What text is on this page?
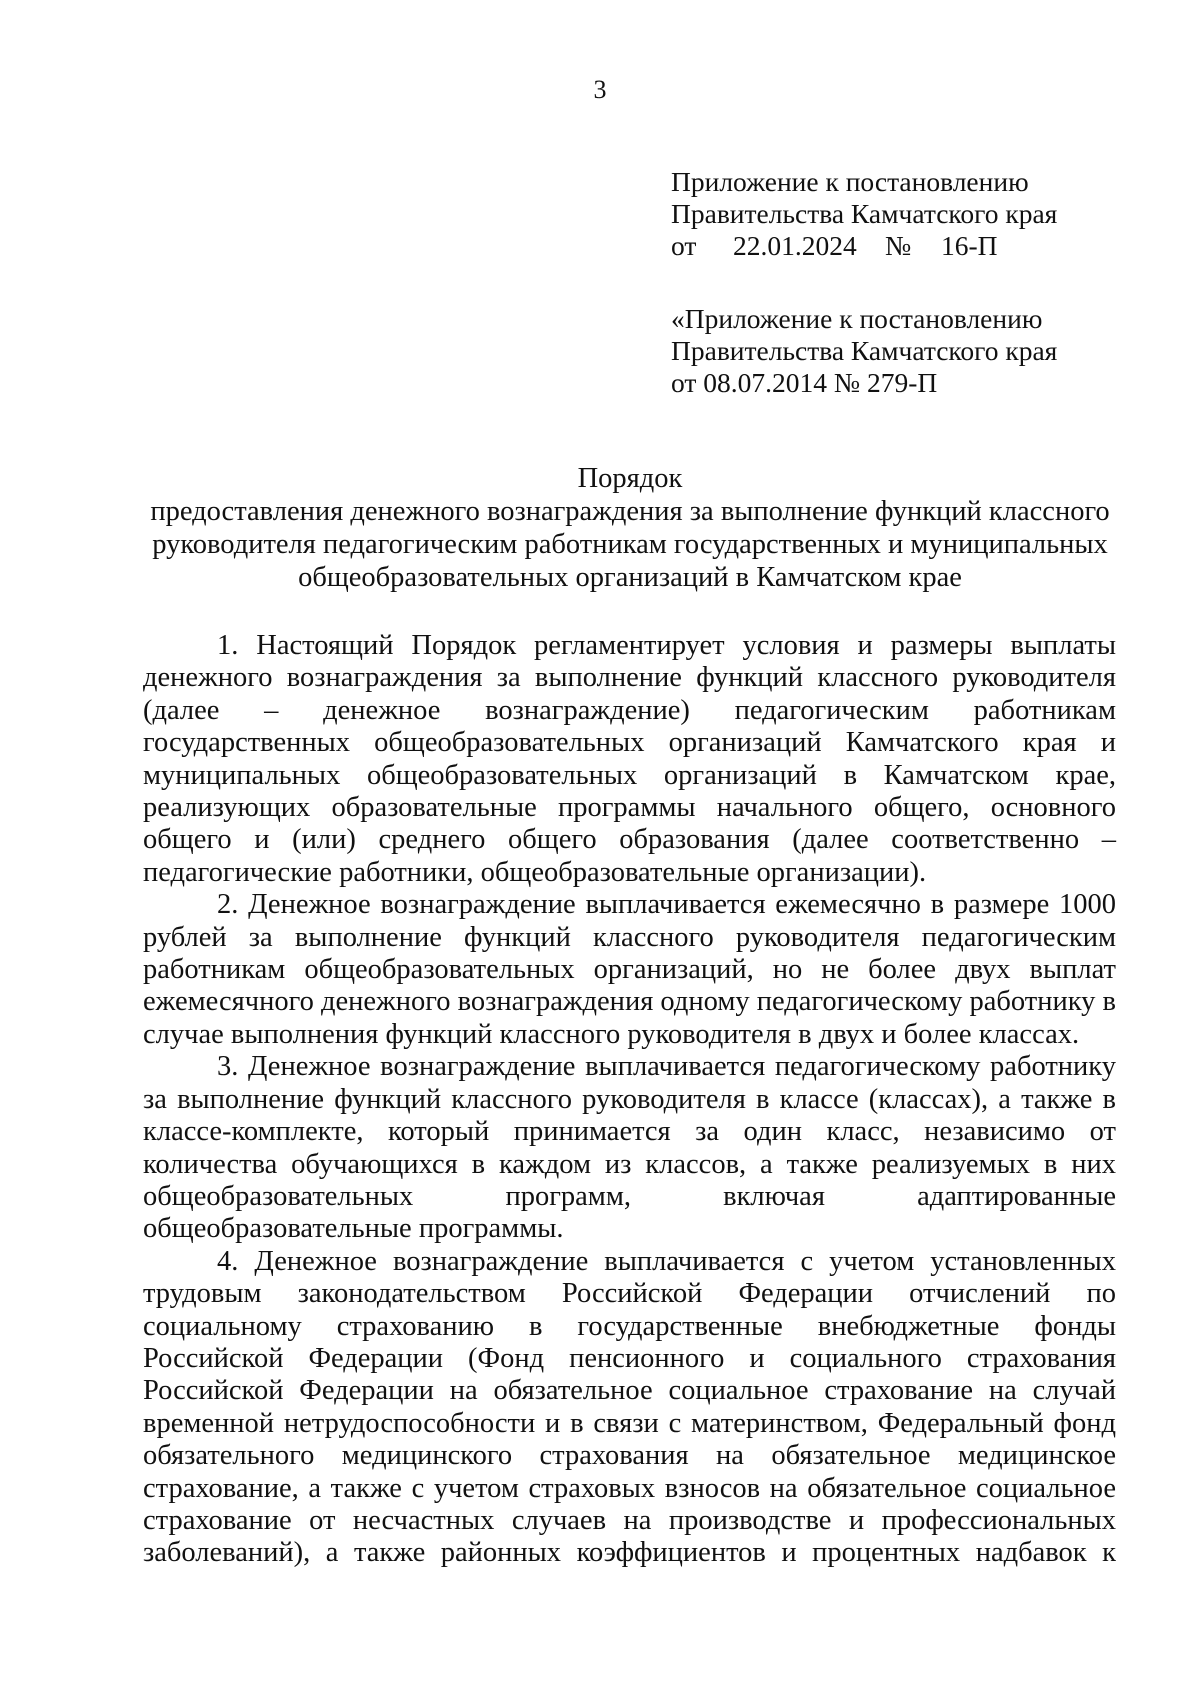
3
Приложение к постановлению
Правительства Камчатского края
от 22.01.2024 № 16-П
«Приложение к постановлению
Правительства Камчатского края
от 08.07.2014 № 279-П
Порядок
предоставления денежного вознаграждения за выполнение функций классного
руководителя педагогическим работникам государственных и муниципальных
общеобразовательных организаций в Камчатском крае

1. Настоящий Порядок регламентирует условия и размеры выплаты денежного вознаграждения за выполнение функций классного руководителя (далее – денежное вознаграждение) педагогическим работникам государственных общеобразовательных организаций Камчатского края и муниципальных общеобразовательных организаций в Камчатском крае, реализующих образовательные программы начального общего, основного общего и (или) среднего общего образования (далее соответственно – педагогические работники, общеобразовательные организации).

2. Денежное вознаграждение выплачивается ежемесячно в размере 1000 рублей за выполнение функций классного руководителя педагогическим работникам общеобразовательных организаций, но не более двух выплат ежемесячного денежного вознаграждения одному педагогическому работнику в случае выполнения функций классного руководителя в двух и более классах.

3. Денежное вознаграждение выплачивается педагогическому работнику за выполнение функций классного руководителя в классе (классах), а также в классе-комплекте, который принимается за один класс, независимо от количества обучающихся в каждом из классов, а также реализуемых в них общеобразовательных программ, включая адаптированные общеобразовательные программы.

4. Денежное вознаграждение выплачивается с учетом установленных трудовым законодательством Российской Федерации отчислений по социальному страхованию в государственные внебюджетные фонды Российской Федерации (Фонд пенсионного и социального страхования Российской Федерации на обязательное социальное страхование на случай временной нетрудоспособности и в связи с материнством, Федеральный фонд обязательного медицинского страхования на обязательное медицинское страхование, а также с учетом страховых взносов на обязательное социальное страхование от несчастных случаев на производстве и профессиональных заболеваний), а также районных коэффициентов и процентных надбавок к
